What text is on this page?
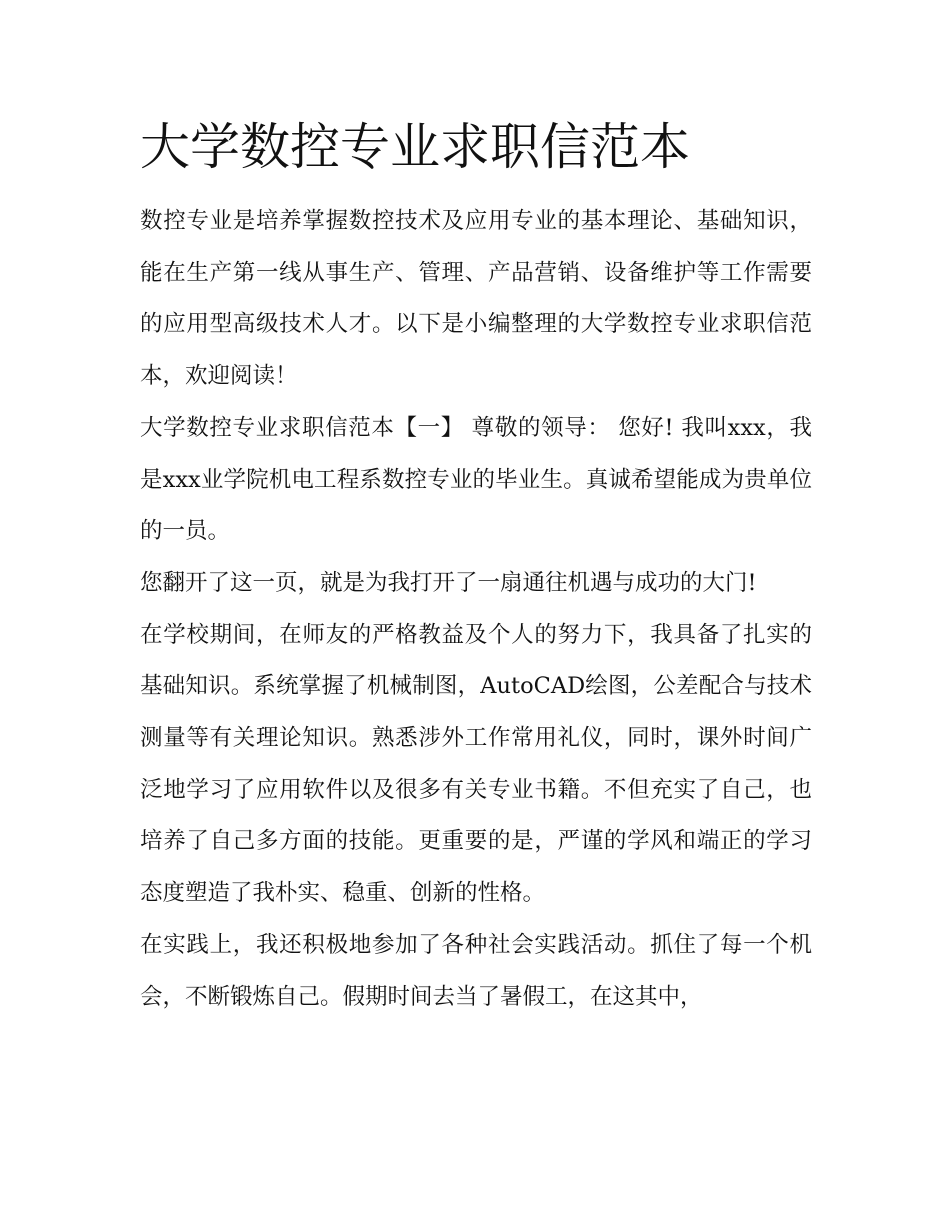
大学数控专业求职信范本

数控专业是培养掌握数控技术及应用专业的基本理论、基础知识，能在生产第一线从事生产、管理、产品营销、设备维护等工作需要的应用型高级技术人才。以下是小编整理的大学数控专业求职信范本，欢迎阅读！

大学数控专业求职信范本【一】 尊敬的领导： 您好! 我叫xxx，我是xxx业学院机电工程系数控专业的毕业生。真诚希望能成为贵单位的一员。

您翻开了这一页，就是为我打开了一扇通往机遇与成功的大门!

在学校期间，在师友的严格教益及个人的努力下，我具备了扎实的基础知识。系统掌握了机械制图，AutoCAD绘图，公差配合与技术测量等有关理论知识。熟悉涉外工作常用礼仪，同时，课外时间广泛地学习了应用软件以及很多有关专业书籍。不但充实了自己，也培养了自己多方面的技能。更重要的是，严谨的学风和端正的学习态度塑造了我朴实、稳重、创新的性格。

在实践上，我还积极地参加了各种社会实践活动。抓住了每一个机会，不断锻炼自己。假期时间去当了暑假工，在这其中，
